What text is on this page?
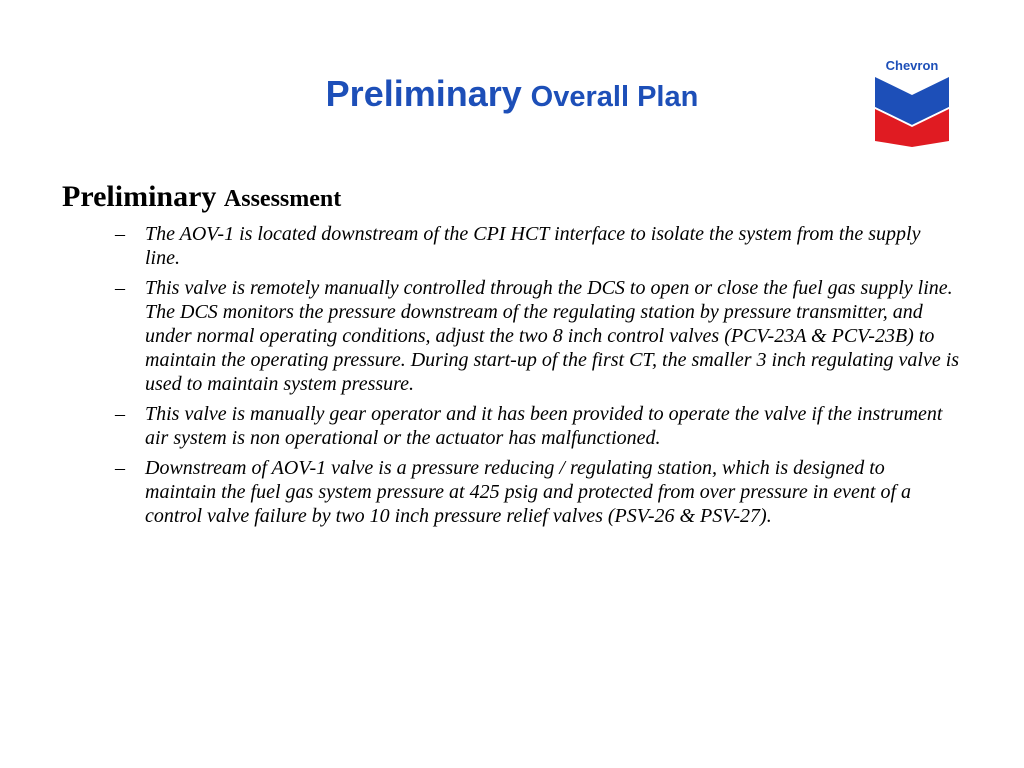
Preliminary Overall Plan
Chevron
Preliminary Assessment
– The AOV-1 is located downstream of the CPI HCT interface to isolate the system from the supply line.
– This valve is remotely manually controlled through the DCS to open or close the fuel gas supply line. The DCS monitors the pressure downstream of the regulating station by pressure transmitter, and under normal operating conditions, adjust the two 8 inch control valves (PCV-23A & PCV-23B) to maintain the operating pressure. During start-up of the first CT, the smaller 3 inch regulating valve is used to maintain system pressure.
– This valve is manually gear operator and it has been provided to operate the valve if the instrument air system is non operational or the actuator has malfunctioned.
– Downstream of AOV-1 valve is a pressure reducing / regulating station, which is designed to maintain the fuel gas system pressure at 425 psig and protected from over pressure in event of a control valve failure by two 10 inch pressure relief valves (PSV-26 & PSV-27).
